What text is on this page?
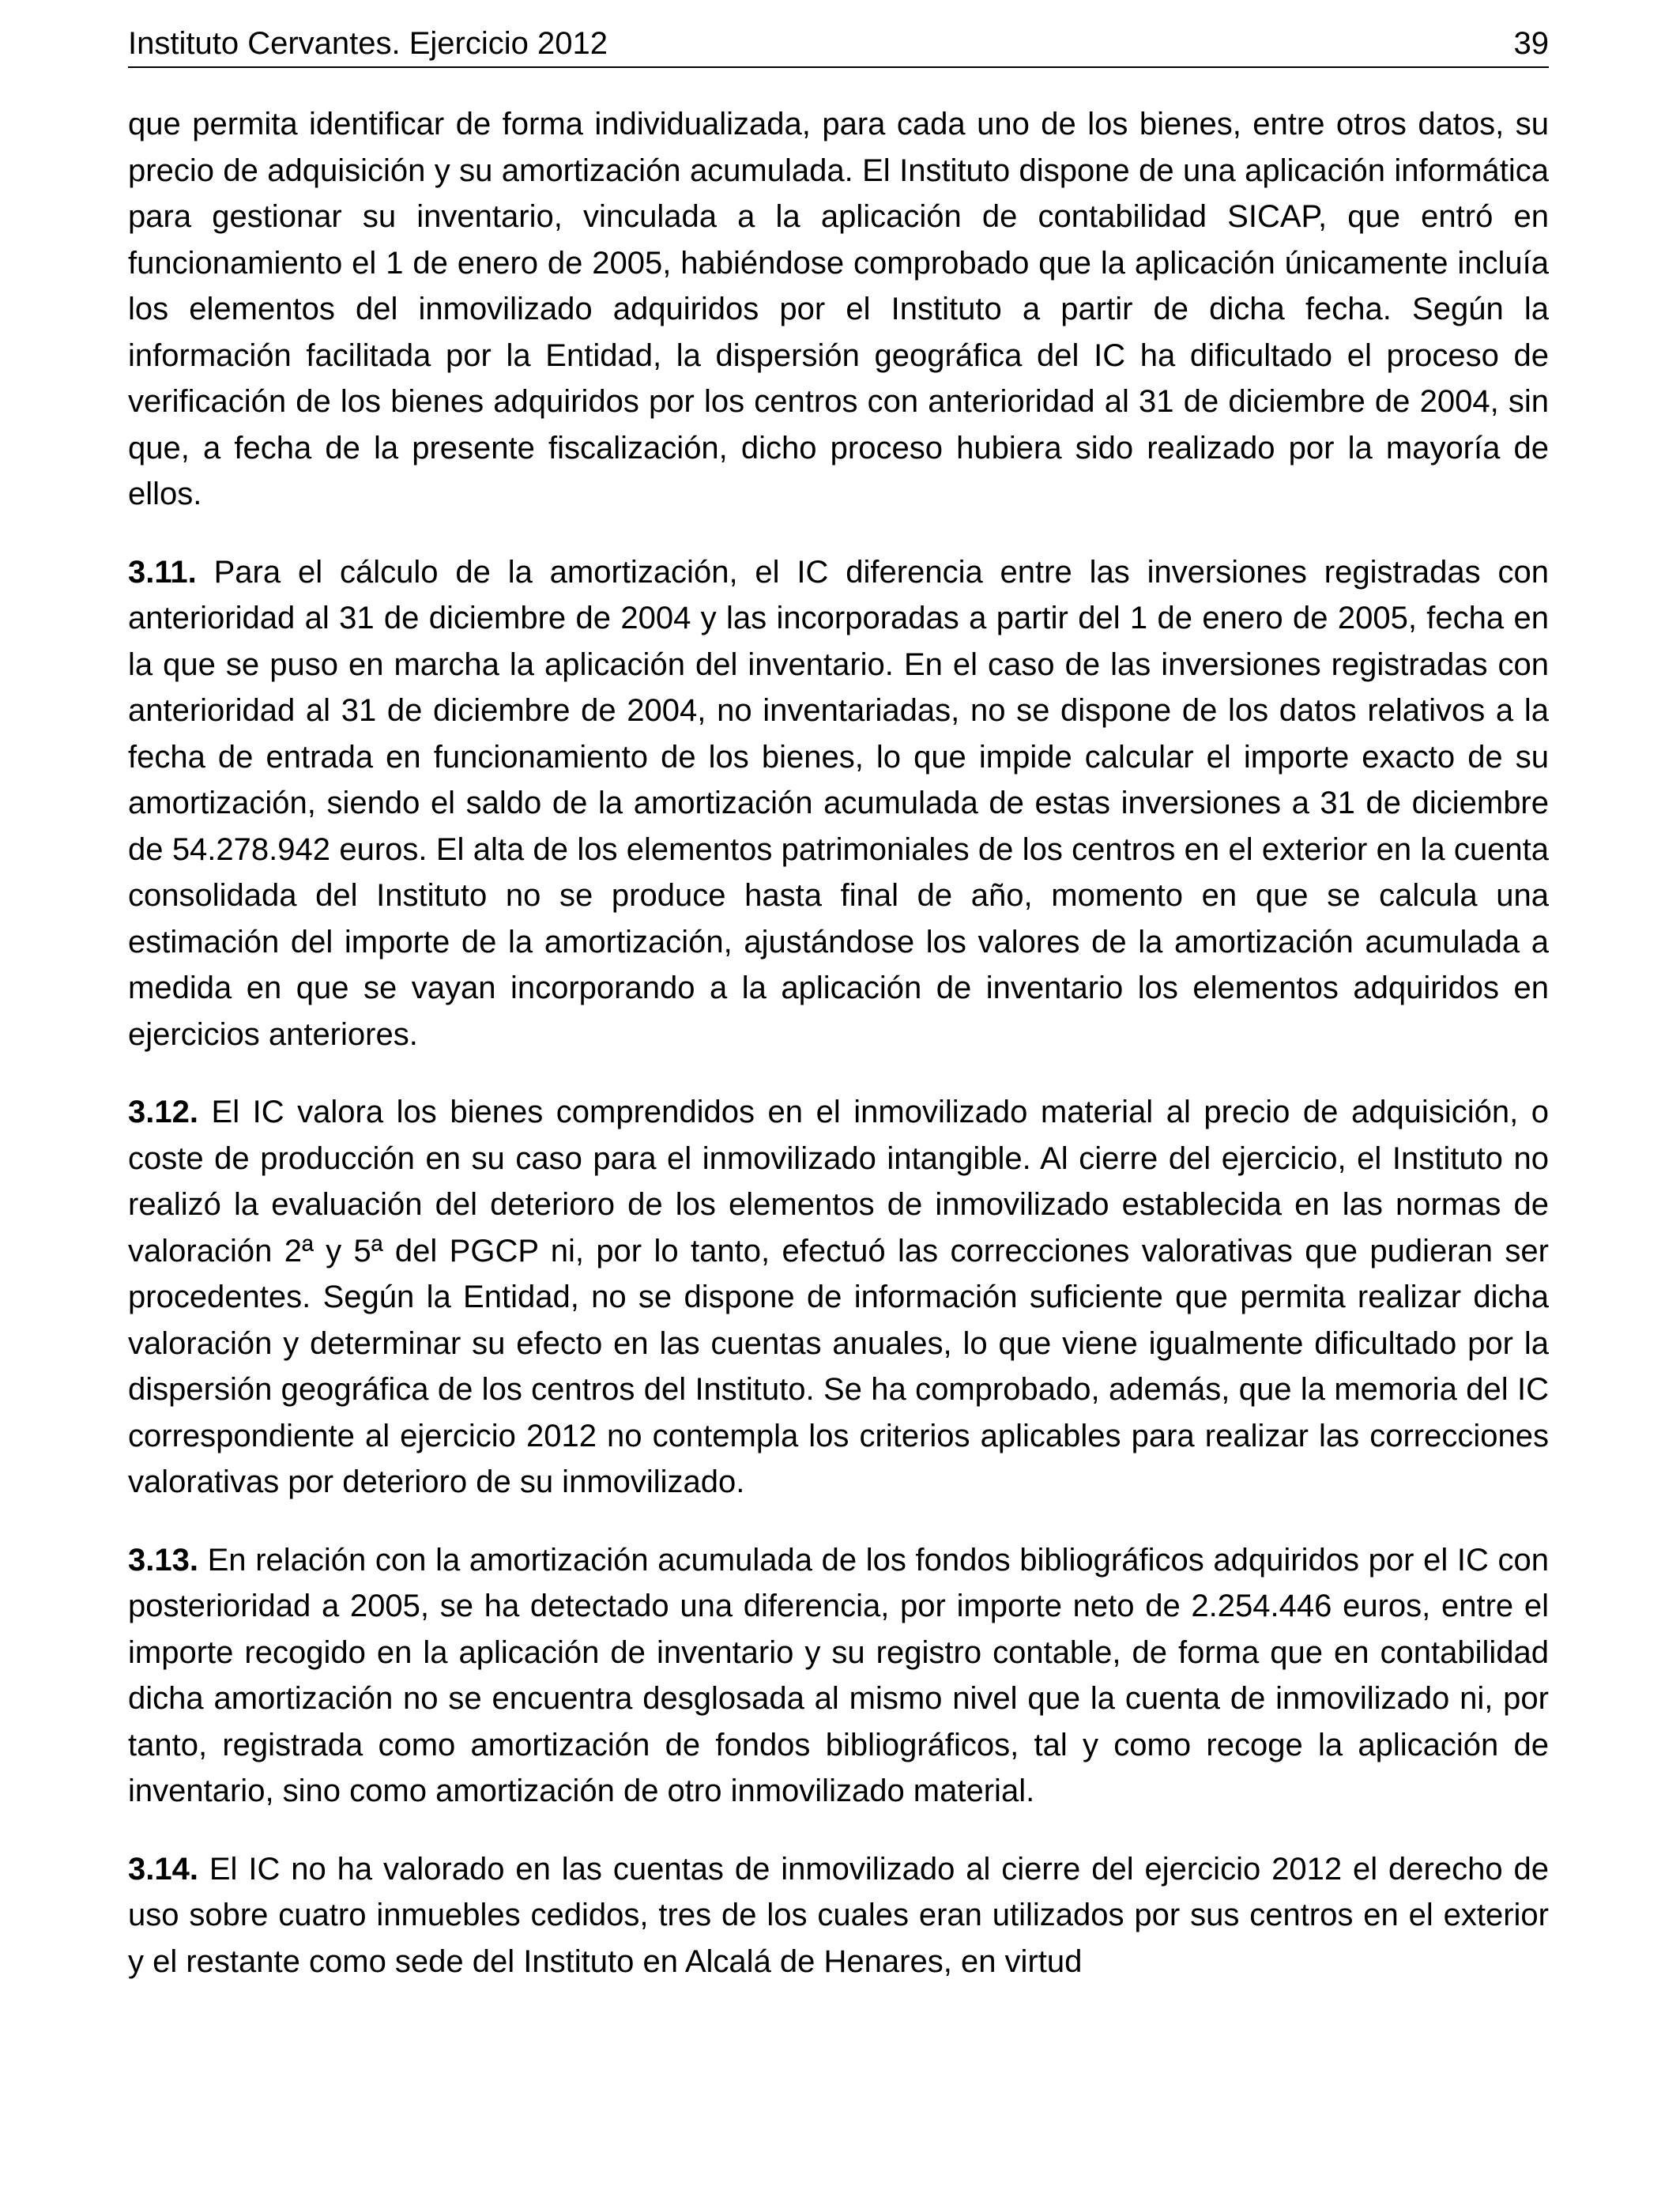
Instituto Cervantes. Ejercicio 2012	39

que permita identificar de forma individualizada, para cada uno de los bienes, entre otros datos, su precio de adquisición y su amortización acumulada. El Instituto dispone de una aplicación informática para gestionar su inventario, vinculada a la aplicación de contabilidad SICAP, que entró en funcionamiento el 1 de enero de 2005, habiéndose comprobado que la aplicación únicamente incluía los elementos del inmovilizado adquiridos por el Instituto a partir de dicha fecha. Según la información facilitada por la Entidad, la dispersión geográfica del IC ha dificultado el proceso de verificación de los bienes adquiridos por los centros con anterioridad al 31 de diciembre de 2004, sin que, a fecha de la presente fiscalización, dicho proceso hubiera sido realizado por la mayoría de ellos.

3.11. Para el cálculo de la amortización, el IC diferencia entre las inversiones registradas con anterioridad al 31 de diciembre de 2004 y las incorporadas a partir del 1 de enero de 2005, fecha en la que se puso en marcha la aplicación del inventario. En el caso de las inversiones registradas con anterioridad al 31 de diciembre de 2004, no inventariadas, no se dispone de los datos relativos a la fecha de entrada en funcionamiento de los bienes, lo que impide calcular el importe exacto de su amortización, siendo el saldo de la amortización acumulada de estas inversiones a 31 de diciembre de 54.278.942 euros. El alta de los elementos patrimoniales de los centros en el exterior en la cuenta consolidada del Instituto no se produce hasta final de año, momento en que se calcula una estimación del importe de la amortización, ajustándose los valores de la amortización acumulada a medida en que se vayan incorporando a la aplicación de inventario los elementos adquiridos en ejercicios anteriores.

3.12. El IC valora los bienes comprendidos en el inmovilizado material al precio de adquisición, o coste de producción en su caso para el inmovilizado intangible. Al cierre del ejercicio, el Instituto no realizó la evaluación del deterioro de los elementos de inmovilizado establecida en las normas de valoración 2ª y 5ª del PGCP ni, por lo tanto, efectuó las correcciones valorativas que pudieran ser procedentes. Según la Entidad, no se dispone de información suficiente que permita realizar dicha valoración y determinar su efecto en las cuentas anuales, lo que viene igualmente dificultado por la dispersión geográfica de los centros del Instituto. Se ha comprobado, además, que la memoria del IC correspondiente al ejercicio 2012 no contempla los criterios aplicables para realizar las correcciones valorativas por deterioro de su inmovilizado.

3.13. En relación con la amortización acumulada de los fondos bibliográficos adquiridos por el IC con posterioridad a 2005, se ha detectado una diferencia, por importe neto de 2.254.446 euros, entre el importe recogido en la aplicación de inventario y su registro contable, de forma que en contabilidad dicha amortización no se encuentra desglosada al mismo nivel que la cuenta de inmovilizado ni, por tanto, registrada como amortización de fondos bibliográficos, tal y como recoge la aplicación de inventario, sino como amortización de otro inmovilizado material.

3.14. El IC no ha valorado en las cuentas de inmovilizado al cierre del ejercicio 2012 el derecho de uso sobre cuatro inmuebles cedidos, tres de los cuales eran utilizados por sus centros en el exterior y el restante como sede del Instituto en Alcalá de Henares, en virtud
